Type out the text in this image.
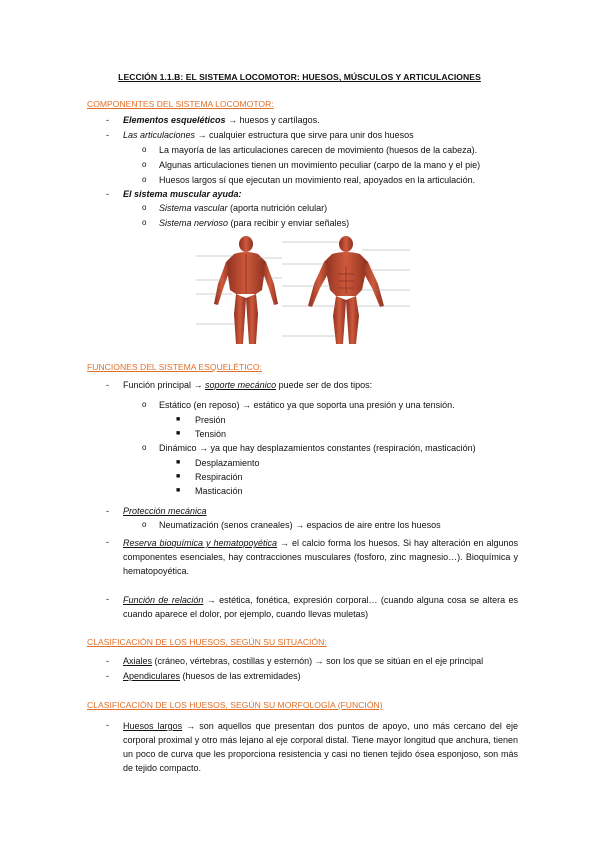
LECCIÓN 1.1.B: EL SISTEMA LOCOMOTOR: HUESOS, MÚSCULOS Y ARTICULACIONES
COMPONENTES DEL SISTEMA LOCOMOTOR:
- Elementos esqueléticos → huesos y cartílagos.
- Las articulaciones → cualquier estructura que sirve para unir dos huesos
o La mayoría de las articulaciones carecen de movimiento (huesos de la cabeza).
o Algunas articulaciones tienen un movimiento peculiar (carpo de la mano y el pie)
o Huesos largos sí que ejecutan un movimiento real, apoyados en la articulación.
- El sistema muscular ayuda:
o Sistema vascular (aporta nutrición celular)
o Sistema nervioso (para recibir y enviar señales)
FUNCIONES DEL SISTEMA ESQUELÉTICO:
- Función principal → soporte mecánico puede ser de dos tipos:
o Estático (en reposo) → estático ya que soporta una presión y una tensión.
■ Presión
■ Tensión
o Dinámico → ya que hay desplazamientos constantes (respiración, masticación)
■ Desplazamiento
■ Respiración
■ Masticación
- Protección mecánica
o Neumatización (senos craneales) → espacios de aire entre los huesos
- Reserva bioquímica y hematopoyética → el calcio forma los huesos. Si hay alteración en algunos componentes esenciales, hay contracciones musculares (fosforo, zinc magnesio…). Bioquímica y hematopoyética.
- Función de relación → estética, fonética, expresión corporal… (cuando alguna cosa se altera es cuando aparece el dolor, por ejemplo, cuando llevas muletas)
CLASIFICACIÓN DE LOS HUESOS, SEGÚN SU SITUACIÓN:
- Axiales (cráneo, vértebras, costillas y esternón) → son los que se sitúan en el eje principal
- Apendiculares (huesos de las extremidades)
CLASIFICACIÓN DE LOS HUESOS, SEGÚN SU MORFOLOGÍA (FUNCIÓN)
- Huesos largos → son aquellos que presentan dos puntos de apoyo, uno más cercano del eje corporal proximal y otro más lejano al eje corporal distal. Tiene mayor longitud que anchura, tienen un poco de curva que les proporciona resistencia y casi no tienen tejido ósea esponjoso, son más de tejido compacto.
